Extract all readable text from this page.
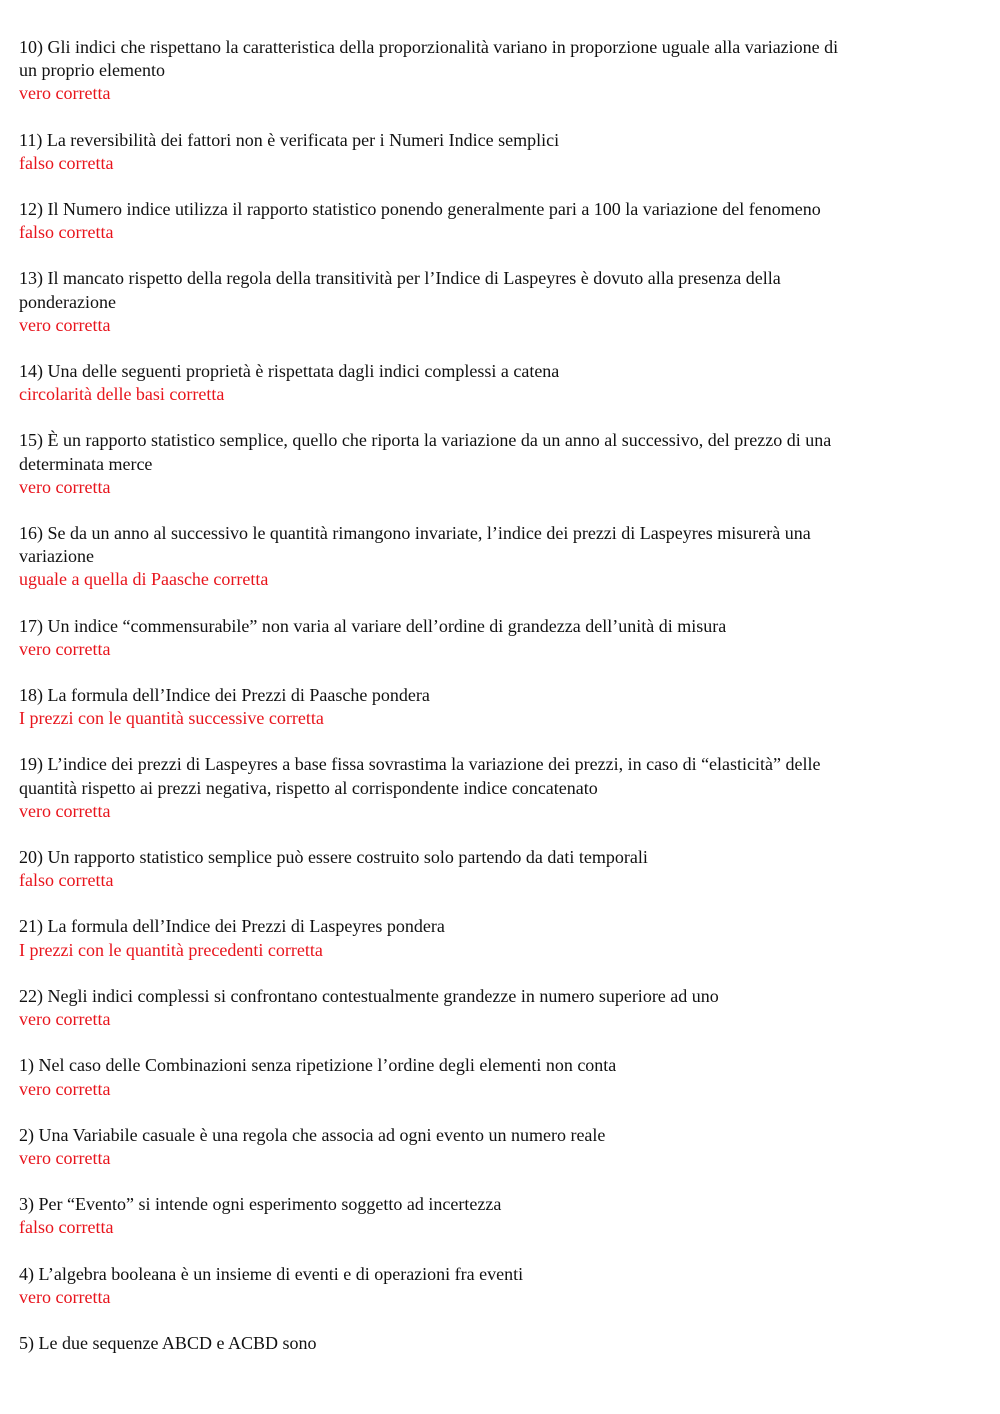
10) Gli indici che rispettano la caratteristica della proporzionalità variano in proporzione uguale alla variazione di un proprio elemento

vero corretta

11) La reversibilità dei fattori non è verificata per i Numeri Indice semplici

falso corretta

12) Il Numero indice utilizza il rapporto statistico ponendo generalmente pari a 100 la variazione del fenomeno

falso corretta

13) Il mancato rispetto della regola della transitività per l’Indice di Laspeyres è dovuto alla presenza della ponderazione

vero corretta

14) Una delle seguenti proprietà è rispettata dagli indici complessi a catena

circolarità delle basi corretta

15) È un rapporto statistico semplice, quello che riporta la variazione da un anno al successivo, del prezzo di una determinata merce

vero corretta

16) Se da un anno al successivo le quantità rimangono invariate, l’indice dei prezzi di Laspeyres misurerà una variazione

uguale a quella di Paasche corretta

17) Un indice “commensurabile” non varia al variare dell’ordine di grandezza dell’unità di misura

vero corretta

18) La formula dell’Indice dei Prezzi di Paasche pondera

I prezzi con le quantità successive corretta

19) L’indice dei prezzi di Laspeyres a base fissa sovrastima la variazione dei prezzi, in caso di “elasticità” delle quantità rispetto ai prezzi negativa, rispetto al corrispondente indice concatenato

vero corretta

20) Un rapporto statistico semplice può essere costruito solo partendo da dati temporali

falso corretta

21) La formula dell’Indice dei Prezzi di Laspeyres pondera

I prezzi con le quantità precedenti corretta

22) Negli indici complessi si confrontano contestualmente grandezze in numero superiore ad uno

vero corretta

1) Nel caso delle Combinazioni senza ripetizione l’ordine degli elementi non conta

vero corretta

2) Una Variabile casuale è una regola che associa ad ogni evento un numero reale

vero corretta

3) Per “Evento” si intende ogni esperimento soggetto ad incertezza

falso corretta

4) L’algebra booleana è un insieme di eventi e di operazioni fra eventi

vero corretta

5) Le due sequenze ABCD e ACBD sono
